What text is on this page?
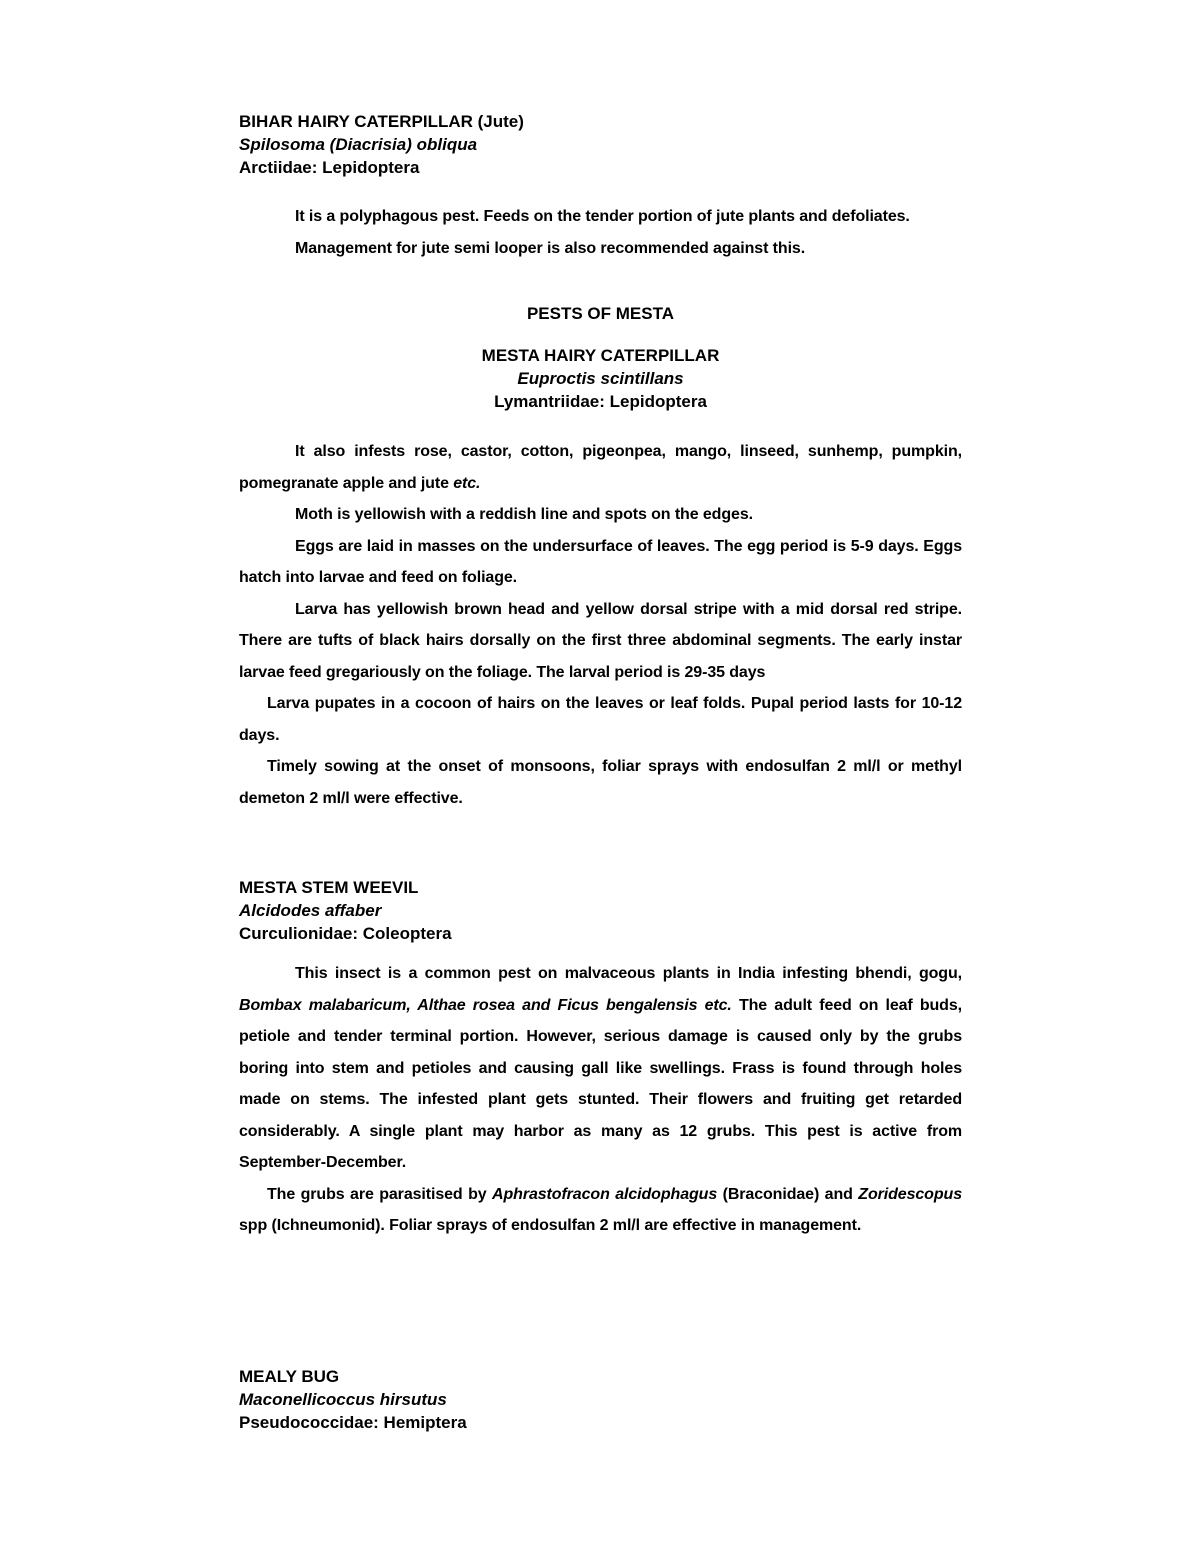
BIHAR HAIRY CATERPILLAR (Jute)
Spilosoma (Diacrisia) obliqua
Arctiidae: Lepidoptera
It is a polyphagous pest. Feeds on the tender portion of jute plants and defoliates.
Management for jute semi looper is also recommended against this.
PESTS OF MESTA
MESTA HAIRY CATERPILLAR
Euproctis scintillans
Lymantriidae: Lepidoptera
It also infests rose, castor, cotton, pigeonpea, mango, linseed, sunhemp, pumpkin, pomegranate apple and jute etc.
Moth is yellowish with a reddish line and spots on the edges.
Eggs are laid in masses on the undersurface of leaves. The egg period is 5-9 days. Eggs hatch into larvae and feed on foliage.
Larva has yellowish brown head and yellow dorsal stripe with a mid dorsal red stripe. There are tufts of black hairs dorsally on the first three abdominal segments. The early instar larvae feed gregariously on the foliage. The larval period is 29-35 days
Larva pupates in a cocoon of hairs on the leaves or leaf folds. Pupal period lasts for 10-12 days.
Timely sowing at the onset of monsoons, foliar sprays with endosulfan 2 ml/l or methyl demeton 2 ml/l were effective.
MESTA STEM WEEVIL
Alcidodes affaber
Curculionidae: Coleoptera
This insect is a common pest on malvaceous plants in India infesting bhendi, gogu, Bombax malabaricum, Althae rosea and Ficus bengalensis etc. The adult feed on leaf buds, petiole and tender terminal portion. However, serious damage is caused only by the grubs boring into stem and petioles and causing gall like swellings. Frass is found through holes made on stems. The infested plant gets stunted. Their flowers and fruiting get retarded considerably. A single plant may harbor as many as 12 grubs. This pest is active from September-December.
The grubs are parasitised by Aphrastofracon alcidophagus (Braconidae) and Zoridescopus spp (Ichneumonid). Foliar sprays of endosulfan 2 ml/l are effective in management.
MEALY BUG
Maconellicoccus hirsutus
Pseudococcidae: Hemiptera
